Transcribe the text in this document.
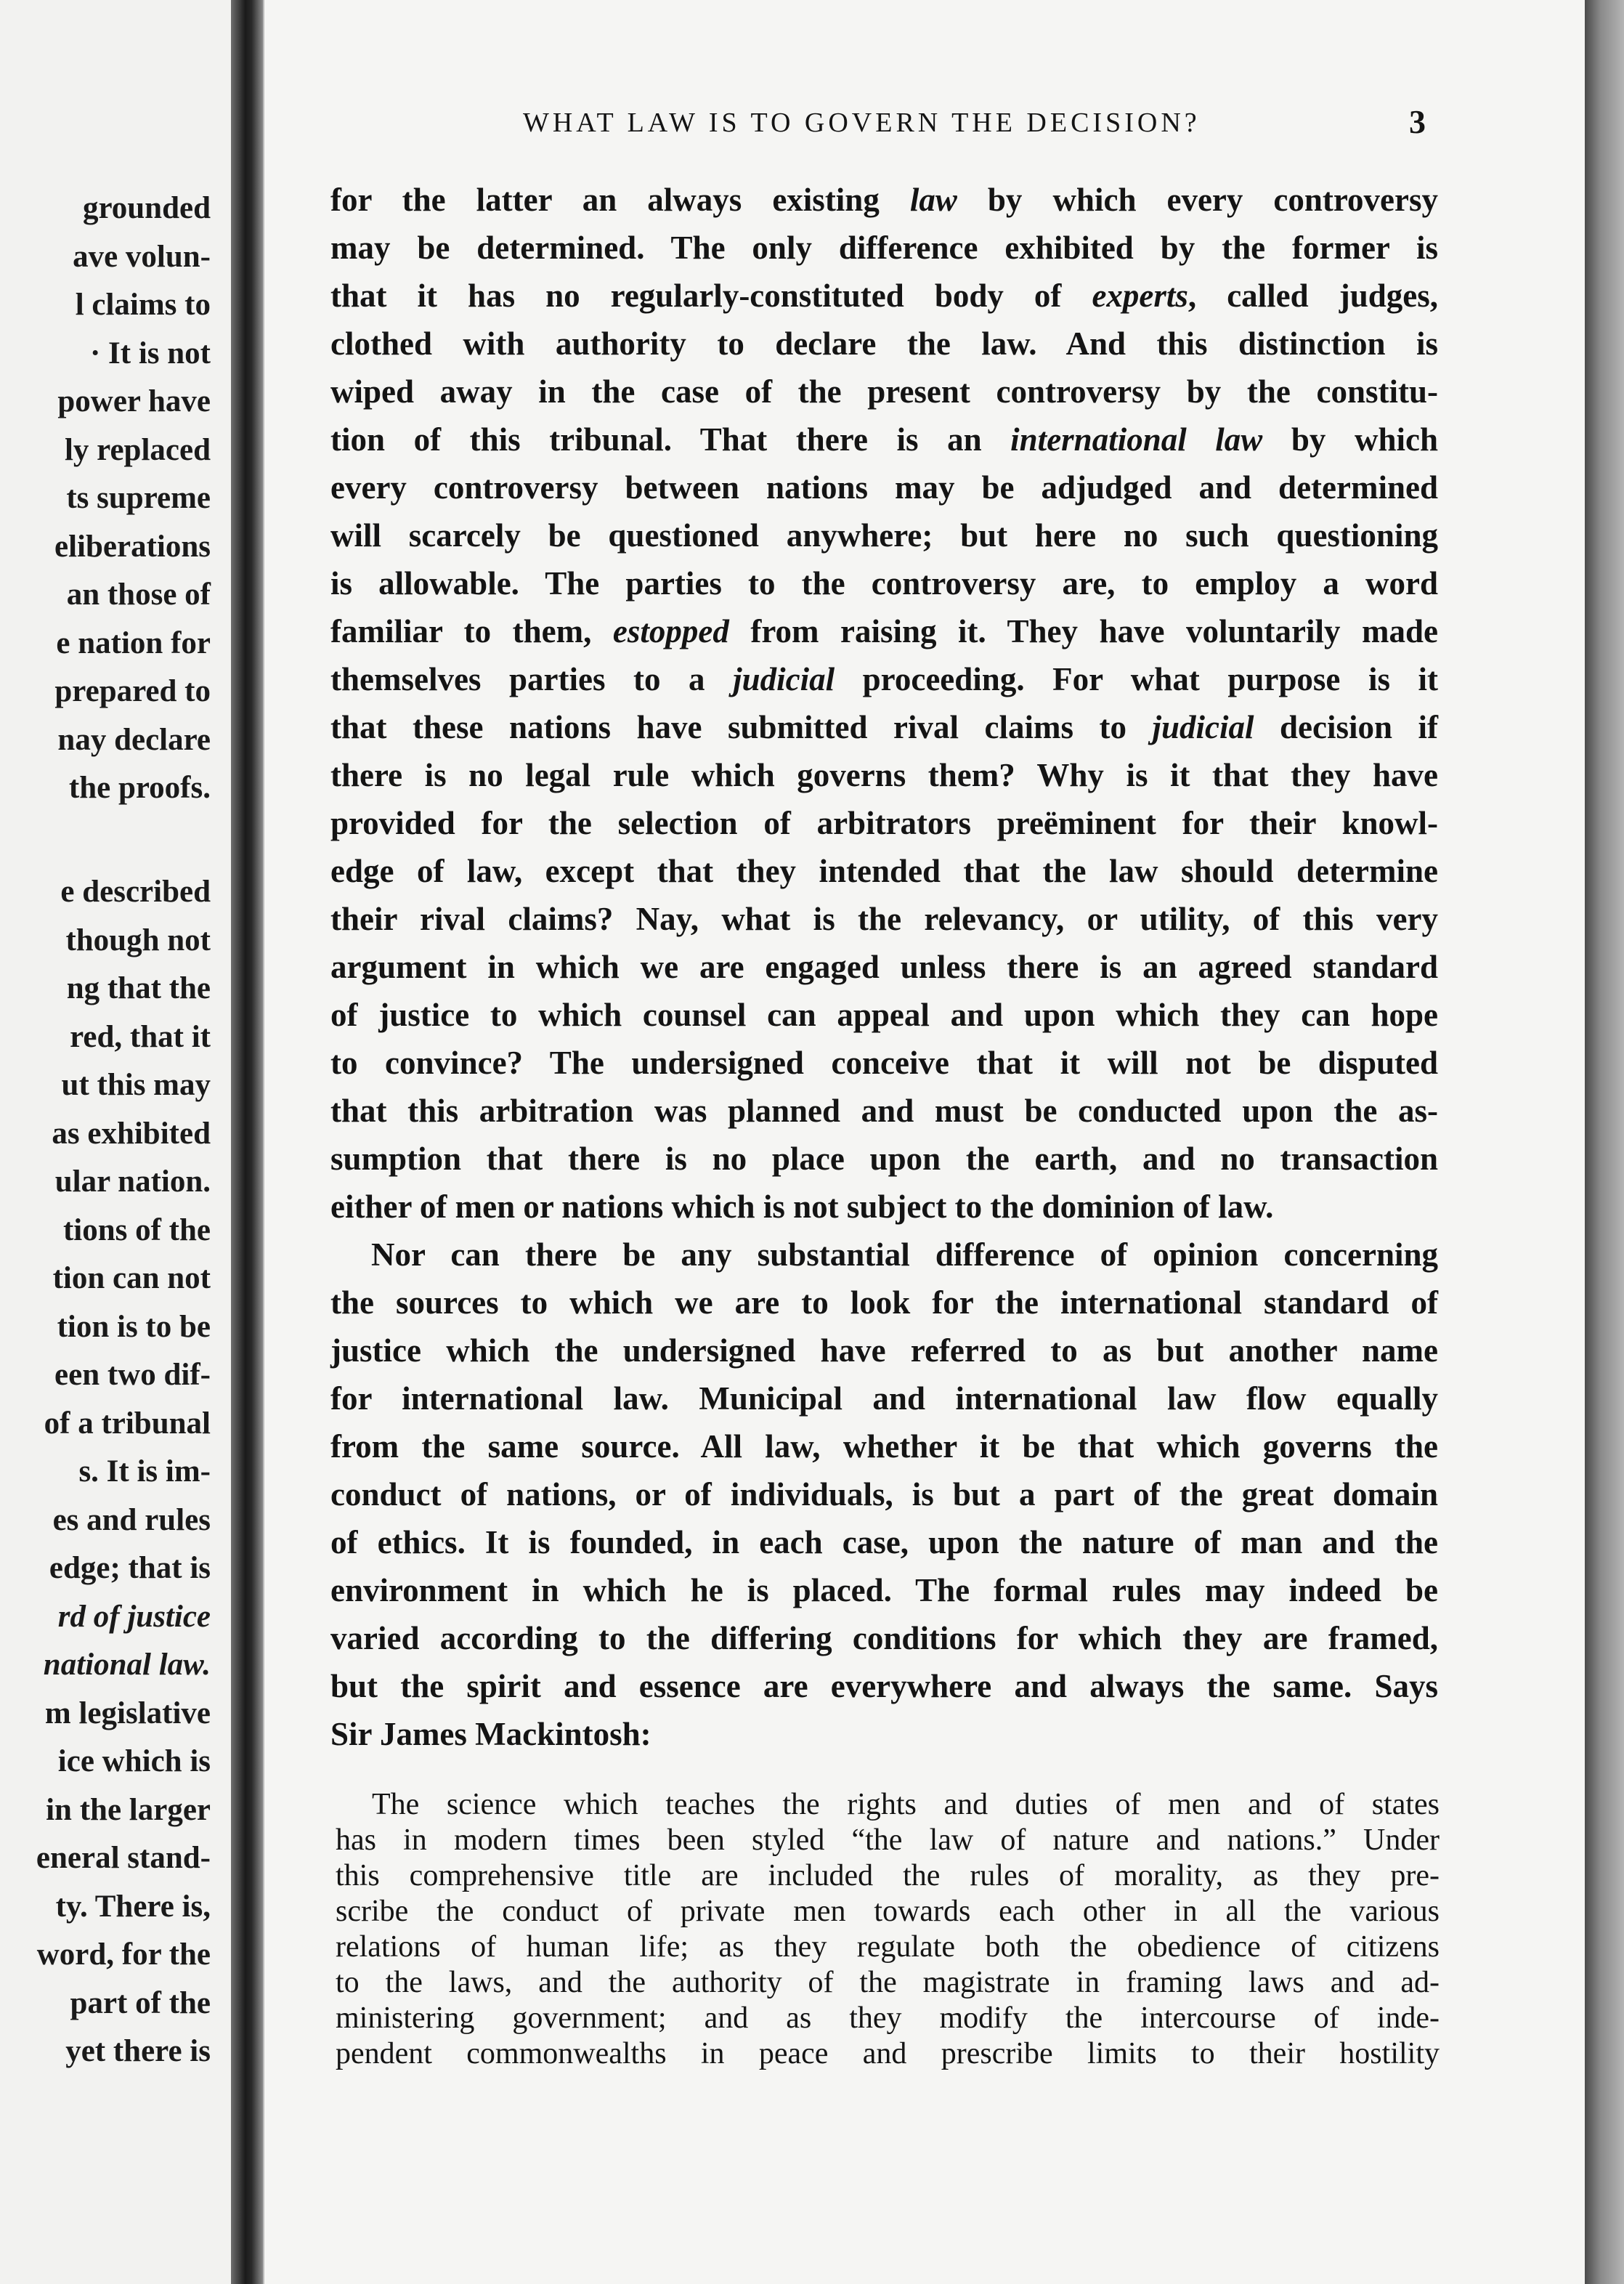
grounded
ave volun-
l claims to
· It is not
power have
ly replaced
ts supreme
eliberations
an those of
e nation for
prepared to
nay declare
the proofs.
e described
though not
ng that the
red, that it
ut this may
as exhibited
ular nation.
tions of the
tion can not
tion is to be
een two dif-
of a tribunal
s. It is im-
es and rules
edge; that is
rd of justice
national law.
m legislative
ice which is
in the larger
eneral stand-
ty. There is,
word, for the
part of the
yet there is
WHAT LAW IS TO GOVERN THE DECISION?	3
for the latter an always existing law by which every controversy
may be determined. The only difference exhibited by the former is
that it has no regularly-constituted body of experts, called judges,
clothed with authority to declare the law. And this distinction is
wiped away in the case of the present controversy by the constitu-
tion of this tribunal. That there is an international law by which
every controversy between nations may be adjudged and determined
will scarcely be questioned anywhere; but here no such questioning
is allowable. The parties to the controversy are, to employ a word
familiar to them, estopped from raising it. They have voluntarily made
themselves parties to a judicial proceeding. For what purpose is it
that these nations have submitted rival claims to judicial decision if
there is no legal rule which governs them? Why is it that they have
provided for the selection of arbitrators preëminent for their knowl-
edge of law, except that they intended that the law should determine
their rival claims? Nay, what is the relevancy, or utility, of this very
argument in which we are engaged unless there is an agreed standard
of justice to which counsel can appeal and upon which they can hope
to convince? The undersigned conceive that it will not be disputed
that this arbitration was planned and must be conducted upon the as-
sumption that there is no place upon the earth, and no transaction
either of men or nations which is not subject to the dominion of law.
Nor can there be any substantial difference of opinion concerning
the sources to which we are to look for the international standard of
justice which the undersigned have referred to as but another name
for international law. Municipal and international law flow equally
from the same source. All law, whether it be that which governs the
conduct of nations, or of individuals, is but a part of the great domain
of ethics. It is founded, in each case, upon the nature of man and the
environment in which he is placed. The formal rules may indeed be
varied according to the differing conditions for which they are framed,
but the spirit and essence are everywhere and always the same. Says
Sir James Mackintosh:
The science which teaches the rights and duties of men and of states
has in modern times been styled “the law of nature and nations.” Under
this comprehensive title are included the rules of morality, as they pre-
scribe the conduct of private men towards each other in all the various
relations of human life; as they regulate both the obedience of citizens
to the laws, and the authority of the magistrate in framing laws and ad-
ministering government; and as they modify the intercourse of inde-
pendent commonwealths in peace and prescribe limits to their hostility
